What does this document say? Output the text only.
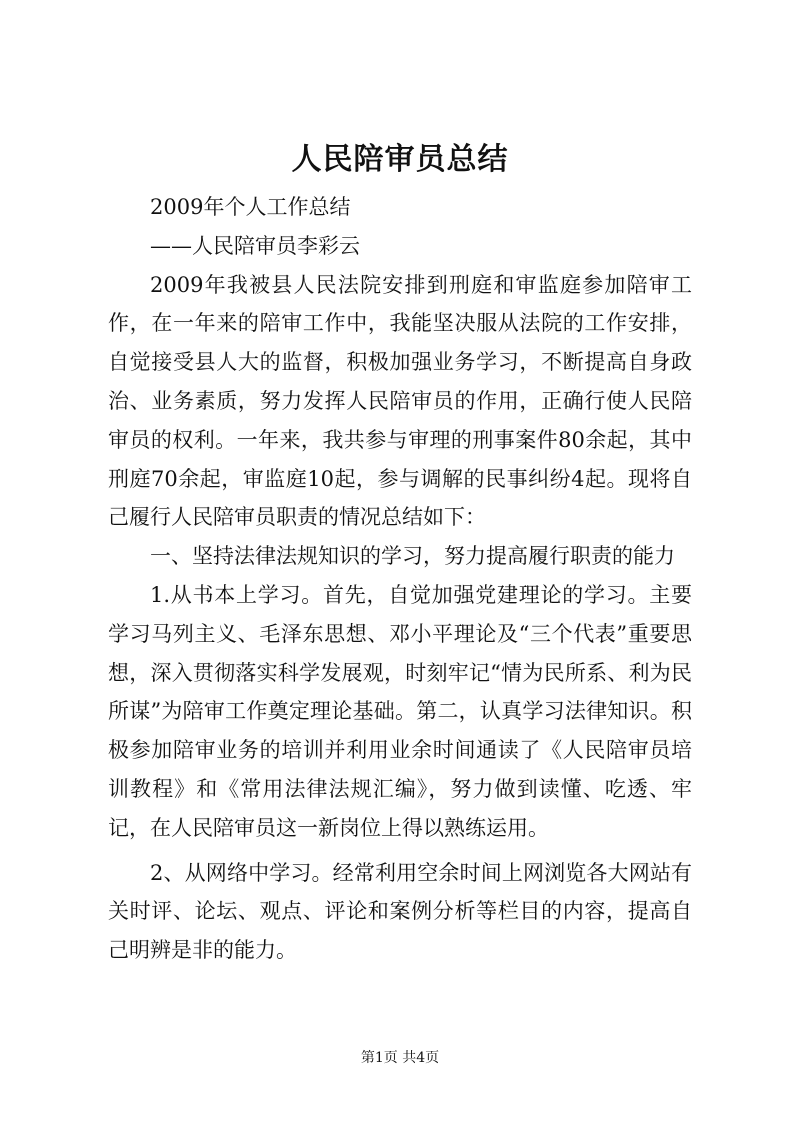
人民陪审员总结

2009年个人工作总结

——人民陪审员李彩云

2009年我被县人民法院安排到刑庭和审监庭参加陪审工作，在一年来的陪审工作中，我能坚决服从法院的工作安排，自觉接受县人大的监督，积极加强业务学习，不断提高自身政治、业务素质，努力发挥人民陪审员的作用，正确行使人民陪审员的权利。一年来，我共参与审理的刑事案件80余起，其中刑庭70余起，审监庭10起，参与调解的民事纠纷4起。现将自己履行人民陪审员职责的情况总结如下：

一、坚持法律法规知识的学习，努力提高履行职责的能力

1.从书本上学习。首先，自觉加强党建理论的学习。主要学习马列主义、毛泽东思想、邓小平理论及“三个代表”重要思想，深入贯彻落实科学发展观，时刻牢记“情为民所系、利为民所谋”为陪审工作奠定理论基础。第二，认真学习法律知识。积极参加陪审业务的培训并利用业余时间通读了《人民陪审员培训教程》和《常用法律法规汇编》，努力做到读懂、吃透、牢记，在人民陪审员这一新岗位上得以熟练运用。

2、从网络中学习。经常利用空余时间上网浏览各大网站有关时评、论坛、观点、评论和案例分析等栏目的内容，提高自己明辨是非的能力。

第1页 共4页
